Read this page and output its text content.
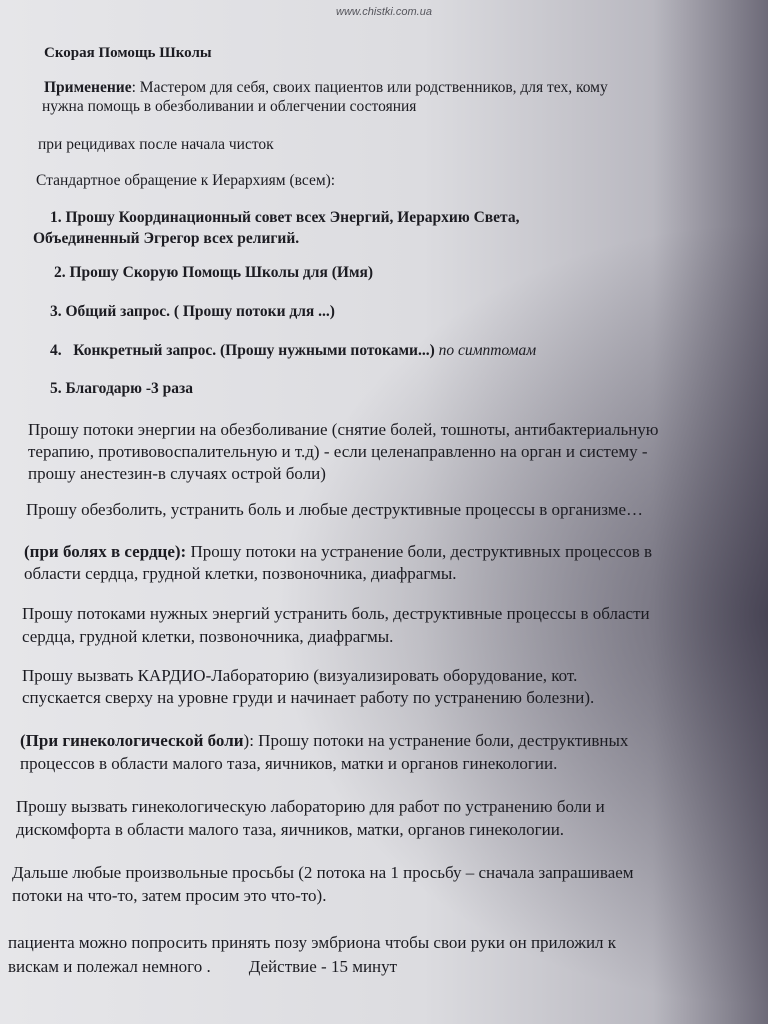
www.chistki.com.ua
Скорая Помощь Школы
Применение: Мастером для себя, своих пациентов или родственников, для тех, кому
нужна помощь в обезболивании и облегчении состояния
при рецидивах после начала чисток
Стандартное обращение к Иерархиям (всем):
1. Прошу Координационный совет всех Энергий, Иерархию Света,
Объединенный Эгрегор всех религий.
2. Прошу Скорую Помощь Школы для (Имя)
3. Общий запрос. ( Прошу потоки для ...)
4. Конкретный запрос. (Прошу нужными потоками...) по симптомам
5. Благодарю -3 раза
Прошу потоки энергии на обезболивание (снятие болей, тошноты, антибактериальную
терапию, противовоспалительную и т.д) - если целенаправленно на орган и систему -
прошу анестезин-в случаях острой боли)
Прошу обезболить, устранить боль и любые деструктивные процессы в организме…
(при болях в сердце): Прошу потоки на устранение боли, деструктивных процессов в
области сердца, грудной клетки, позвоночника, диафрагмы.
Прошу потоками нужных энергий устранить боль, деструктивные процессы в области
сердца, грудной клетки, позвоночника, диафрагмы.
Прошу вызвать КАРДИО-Лабораторию (визуализировать оборудование, кот.
спускается сверху на уровне груди и начинает работу по устранению болезни).
(При гинекологической боли): Прошу потоки на устранение боли, деструктивных
процессов в области малого таза, яичников, матки и органов гинекологии.
Прошу вызвать гинекологическую лабораторию для работ по устранению боли и
дискомфорта в области малого таза, яичников, матки, органов гинекологии.
Дальше любые произвольные просьбы (2 потока на 1 просьбу – сначала запрашиваем
потоки на что-то, затем просим это что-то).
пациента можно попросить принять позу эмбриона чтобы свои руки он приложил к
вискам и полежал немного . Действие - 15 минут
